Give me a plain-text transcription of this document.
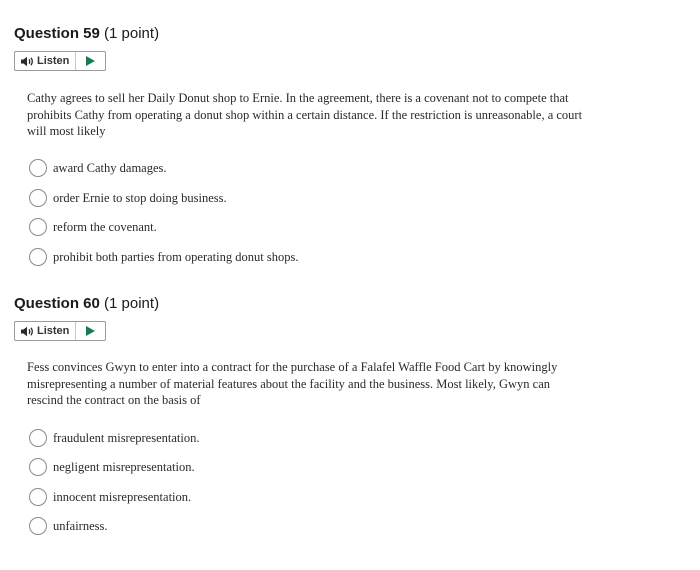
Question 59 (1 point)
Listen
Cathy agrees to sell her Daily Donut shop to Ernie. In the agreement, there is a covenant not to compete that prohibits Cathy from operating a donut shop within a certain distance. If the restriction is unreasonable, a court will most likely
award Cathy damages.
order Ernie to stop doing business.
reform the covenant.
prohibit both parties from operating donut shops.
Question 60 (1 point)
Listen
Fess convinces Gwyn to enter into a contract for the purchase of a Falafel Waffle Food Cart by knowingly misrepresenting a number of material features about the facility and the business. Most likely, Gwyn can rescind the contract on the basis of
fraudulent misrepresentation.
negligent misrepresentation.
innocent misrepresentation.
unfairness.
